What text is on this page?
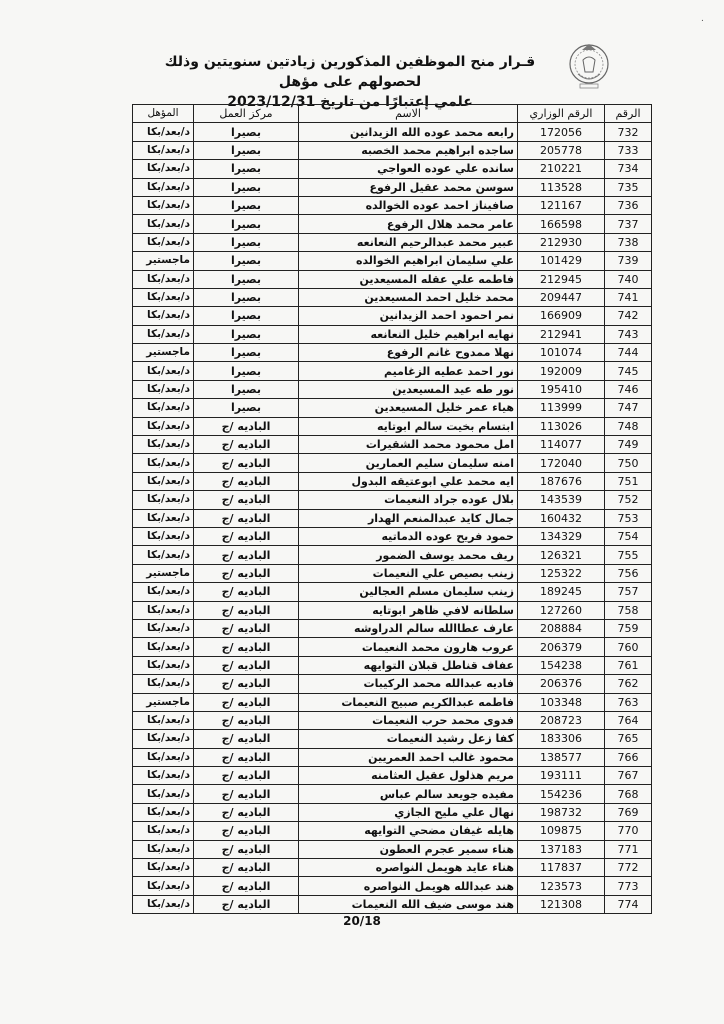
۰
قـرار منح الموظفين المذكورين زيادتين سنويتين وذلك لحصولهم على مؤهل
علمي إعتبارًا من تاريخ 2023/12/31
الرقم	الرقم الوزاري	الاسم	مركز العمل	المؤهل
732	172056	رابعه محمد عوده الله الزيدانين	بصيرا	د/بعد/بكا
733	205778	ساجده ابراهيم محمد الخصبه	بصيرا	د/بعد/بكا
734	210221	سانده علي عوده العواجي	بصيرا	د/بعد/بكا
735	113528	سوسن محمد عقيل الرفوع	بصيرا	د/بعد/بكا
736	121167	صافيناز احمد عوده الخوالده	بصيرا	د/بعد/بكا
737	166598	عامر محمد هلال الرفوع	بصيرا	د/بعد/بكا
738	212930	عبير محمد عبدالرحيم النعانعه	بصيرا	د/بعد/بكا
739	101429	علي سليمان ابراهيم الخوالده	بصيرا	ماجستير
740	212945	فاطمه علي عقله المسيعدين	بصيرا	د/بعد/بكا
741	209447	محمد خليل احمد المسيعدين	بصيرا	د/بعد/بكا
742	166909	نمر احمود احمد الزيدانين	بصيرا	د/بعد/بكا
743	212941	نهايه ابراهيم خليل النعانعه	بصيرا	د/بعد/بكا
744	101074	نهلا ممدوح غانم الرفوع	بصيرا	ماجستير
745	192009	نور احمد عطيه الزغاميم	بصيرا	د/بعد/بكا
746	195410	نور طه عيد المسيعدين	بصيرا	د/بعد/بكا
747	113999	هياء عمر خليل المسيعدين	بصيرا	د/بعد/بكا
748	113026	ابتسام بخيت سالم ابوتايه	الباديه /ج	د/بعد/بكا
749	114077	امل محمود محمد الشقيرات	الباديه /ج	د/بعد/بكا
750	172040	امنه سليمان سليم العمارين	الباديه /ج	د/بعد/بكا
751	187676	ايه محمد علي ابوعتيقه البدول	الباديه /ج	د/بعد/بكا
752	143539	بلال عوده جراد النعيمات	الباديه /ج	د/بعد/بكا
753	160432	جمال كايد عبدالمنعم الهدار	الباديه /ج	د/بعد/بكا
754	134329	حمود فريح عوده الدماتيه	الباديه /ج	د/بعد/بكا
755	126321	ريف محمد يوسف الضمور	الباديه /ج	د/بعد/بكا
756	125322	زينب بصيص علي النعيمات	الباديه /ج	ماجستير
757	189245	زينب سليمان مسلم العجالين	الباديه /ج	د/بعد/بكا
758	127260	سلطانه لافي ظاهر ابوتايه	الباديه /ج	د/بعد/بكا
759	208884	عارف عطاالله سالم الدراوشه	الباديه /ج	د/بعد/بكا
760	206379	عروب هارون محمد النعيمات	الباديه /ج	د/بعد/بكا
761	154238	عفاف قناطل قبلان التوايهه	الباديه /ج	د/بعد/بكا
762	206376	فاديه عبدالله محمد الركيبات	الباديه /ج	د/بعد/بكا
763	103348	فاطمه عبدالكريم صبيح النعيمات	الباديه /ج	ماجستير
764	208723	فدوى محمد حرب النعيمات	الباديه /ج	د/بعد/بكا
765	183306	كفا زعل رشيد النعيمات	الباديه /ج	د/بعد/بكا
766	138577	محمود غالب احمد العمريين	الباديه /ج	د/بعد/بكا
767	193111	مريم هذلول عقيل العثامنه	الباديه /ج	د/بعد/بكا
768	154236	مفيده جويعد سالم عباس	الباديه /ج	د/بعد/بكا
769	198732	نهال علي مليح الجازي	الباديه /ج	د/بعد/بكا
770	109875	هايله غيفان مضحي التوايهه	الباديه /ج	د/بعد/بكا
771	137183	هناء سمير عجرم العطون	الباديه /ج	د/بعد/بكا
772	117837	هناء عايد هويمل النواصره	الباديه /ج	د/بعد/بكا
773	123573	هند عبدالله هويمل النواصره	الباديه /ج	د/بعد/بكا
774	121308	هند موسى ضيف الله النعيمات	الباديه /ج	د/بعد/بكا
20/18
